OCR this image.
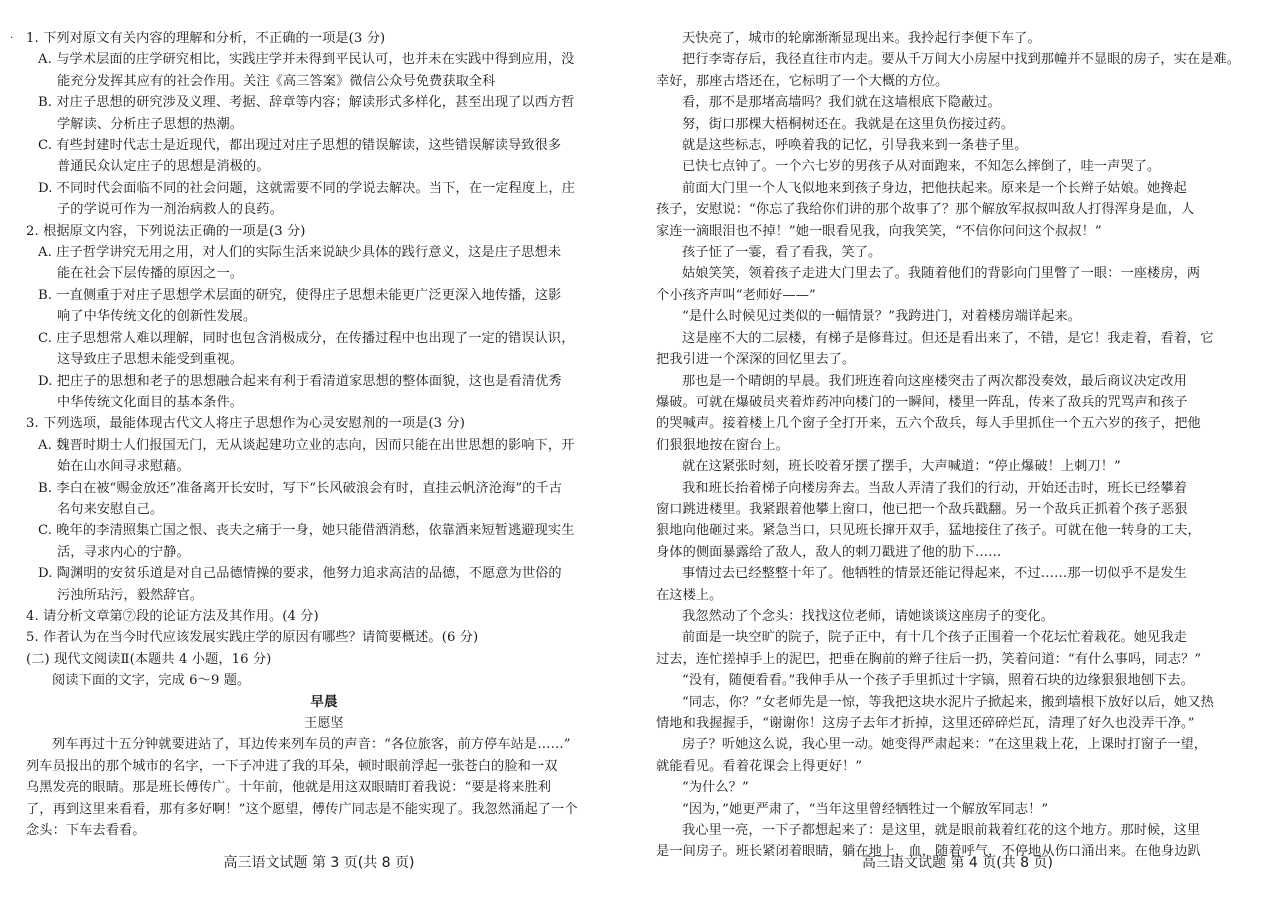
· 1. 下列对原文有关内容的理解和分析，不正确的一项是(3 分)
A. 与学术层面的庄学研究相比，实践庄学并未得到平民认可，也并未在实践中得到应用，没
能充分发挥其应有的社会作用。关注《高三答案》微信公众号免费获取全科
B. 对庄子思想的研究涉及义理、考据、辞章等内容；解读形式多样化，甚至出现了以西方哲
学解读、分析庄子思想的热潮。
C. 有些封建时代志士是近现代，都出现过对庄子思想的错误解读，这些错误解读导致很多
普通民众认定庄子的思想是消极的。
D. 不同时代会面临不同的社会问题，这就需要不同的学说去解决。当下，在一定程度上，庄
子的学说可作为一剂治病救人的良药。
2. 根据原文内容，下列说法正确的一项是(3 分)
A. 庄子哲学讲究无用之用，对人们的实际生活来说缺少具体的践行意义，这是庄子思想未
能在社会下层传播的原因之一。
B. 一直侧重于对庄子思想学术层面的研究，使得庄子思想未能更广泛更深入地传播，这影
响了中华传统文化的创新性发展。
C. 庄子思想常人难以理解，同时也包含消极成分，在传播过程中也出现了一定的错误认识，
这导致庄子思想未能受到重视。
D. 把庄子的思想和老子的思想融合起来有利于看清道家思想的整体面貌，这也是看清优秀
中华传统文化面目的基本条件。
3. 下列选项，最能体现古代文人将庄子思想作为心灵安慰剂的一项是(3 分)
A. 魏晋时期士人们报国无门，无从谈起建功立业的志向，因而只能在出世思想的影响下，开
始在山水间寻求慰藉。
B. 李白在被“赐金放还”准备离开长安时，写下“长风破浪会有时，直挂云帆济沧海”的千古
名句来安慰自己。
C. 晚年的李清照集亡国之恨、丧夫之痛于一身，她只能借酒消愁，依靠酒来短暂逃避现实生
活，寻求内心的宁静。
D. 陶渊明的安贫乐道是对自己品德情操的要求，他努力追求高洁的品德，不愿意为世俗的
污浊所玷污，毅然辞官。
4. 请分析文章第⑦段的论证方法及其作用。(4 分)
5. 作者认为在当今时代应该发展实践庄学的原因有哪些？请简要概述。(6 分)
(二) 现代文阅读Ⅱ(本题共 4 小题，16 分)
阅读下面的文字，完成 6～9 题。
早晨
王愿坚
列车再过十五分钟就要进站了，耳边传来列车员的声音：“各位旅客，前方停车站是……”
列车员报出的那个城市的名字，一下子冲进了我的耳朵，顿时眼前浮起一张苍白的脸和一双
乌黑发亮的眼睛。那是班长傅传广。十年前，他就是用这双眼睛盯着我说：“要是将来胜利
了，再到这里来看看，那有多好啊！”这个愿望，傅传广同志是不能实现了。我忽然涌起了一个
念头：下车去看看。
高三语文试题 第 3 页(共 8 页)
天快亮了，城市的轮廓渐渐显现出来。我拎起行李便下车了。
把行李寄存后，我径直往市内走。要从千万间大小房屋中找到那幢并不显眼的房子，实在是难。
幸好，那座古塔还在，它标明了一个大概的方位。
看，那不是那堵高墙吗？我们就在这墙根底下隐蔽过。
努，街口那棵大梧桐树还在。我就是在这里负伤接过药。
就是这些标志，呼唤着我的记忆，引导我来到一条巷子里。
已快七点钟了。一个六七岁的男孩子从对面跑来，不知怎么摔倒了，哇一声哭了。
前面大门里一个人飞似地来到孩子身边，把他扶起来。原来是一个长辫子姑娘。她搀起
孩子，安慰说：“你忘了我给你们讲的那个故事了？那个解放军叔叔叫敌人打得浑身是血，人
家连一滴眼泪也不掉！”她一眼看见我，向我笑笑，“不信你问问这个叔叔！”
孩子怔了一霎，看了看我，笑了。
姑娘笑笑，领着孩子走进大门里去了。我随着他们的背影向门里瞥了一眼：一座楼房，两
个小孩齐声叫“老师好——”
“是什么时候见过类似的一幅情景？”我跨进门，对着楼房端详起来。
这是座不大的二层楼，有梯子是修葺过。但还是看出来了，不错，是它！我走着，看着，它
把我引进一个深深的回忆里去了。
那也是一个晴朗的早晨。我们班连着向这座楼突击了两次都没奏效，最后商议决定改用
爆破。可就在爆破员夹着炸药冲向楼门的一瞬间，楼里一阵乱，传来了敌兵的咒骂声和孩子
的哭喊声。接着楼上几个窗子全打开来，五六个敌兵，每人手里抓住一个五六岁的孩子，把他
们狠狠地按在窗台上。
就在这紧张时刻，班长咬着牙摆了摆手，大声喊道：“停止爆破！上刺刀！”
我和班长抬着梯子向楼房奔去。当敌人弄清了我们的行动，开始还击时，班长已经攀着
窗口跳进楼里。我紧跟着他攀上窗口，他已把一个敌兵戳翻。另一个敌兵正抓着个孩子恶狠
狠地向他砸过来。紧急当口，只见班长撺开双手，猛地接住了孩子。可就在他一转身的工夫，
身体的侧面暴露给了敌人，敌人的刺刀戳进了他的肋下……
事情过去已经整整十年了。他牺牲的情景还能记得起来，不过……那一切似乎不是发生
在这楼上。
我忽然动了个念头：找找这位老师，请她谈谈这座房子的变化。
前面是一块空旷的院子，院子正中，有十几个孩子正围着一个花坛忙着栽花。她见我走
过去，连忙搓掉手上的泥巴，把垂在胸前的辫子往后一扔，笑着问道：“有什么事吗，同志？”
“没有，随便看看。”我伸手从一个孩子手里抓过十字镐，照着石块的边缘狠狠地刨下去。
“同志，你？”女老师先是一惊，等我把这块水泥片子掀起来，搬到墙根下放好以后，她又热
情地和我握握手，“谢谢你！这房子去年才折掉，这里还碎碎烂瓦，清理了好久也没弄干净。”
房子？听她这么说，我心里一动。她变得严肃起来：“在这里栽上花，上课时打窗子一望，
就能看见。看着花课会上得更好！”
“为什么？”
“因为，”她更严肃了，“当年这里曾经牺牲过一个解放军同志！”
我心里一亮，一下子都想起来了：是这里，就是眼前栽着红花的这个地方。那时候，这里
是一间房子。班长紧闭着眼睛，躺在地上，血，随着呼气，不停地从伤口涌出来。在他身边趴
高三语文试题 第 4 页(共 8 页)
